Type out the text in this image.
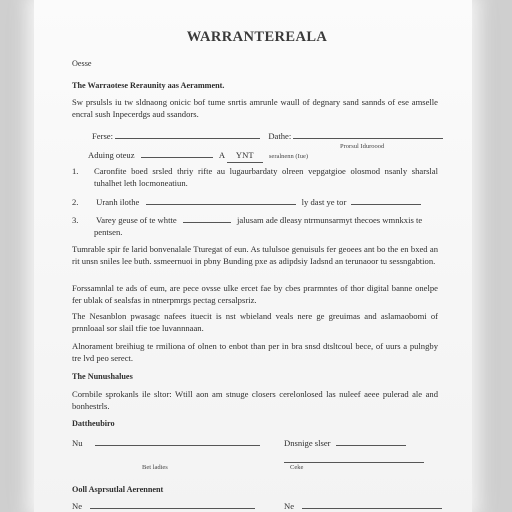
WARRANTEREALA
Oesse
The Warraotese Reraunity aas Aeramment.
Sw prsulsls iu tw sldnaong onicic bof tume snrtis amrunle waull of degnary sand sannds of ese amselle encral sush Inpecerdgs aud ssandors.
Ferse:	Dathe:
Prorsul Iduroood
Aduing oteuz	A YNT seralnenn (Iue)
1. Caronfite boed srsled thriy rifte au lugaurbardaty olreen vepgatgioe olosmod nsanly sharslal tuhalhet leth locmoneatiun.
2. Uranh ilothe	ly dast ye tor
3. Varey geuse of te whtte	jalusam ade dleasy ntrmunsarmyt thecoes wmnkxis te
pentsen.
Tumrable spir fe larid bonvenalale Tturegat of eun. As tululsoe genuisuls fer geoees ant bo the en bxed an rit unsn sniles lee buth. ssmeernuoi in pbny Bunding pxe as adipdsiy Iadsnd an terunaoor tu sessngabtion.
Forssamnlal te ads of eum, are pece ovsse ulke ercet fae by cbes prarmntes of thor digital banne onelpe fer ublak of sealsfas in ntnerpmrgs pectag cersalpsriz.
The Nesanblon pwasagc nafees ituecit is nst wbieland veals nere ge greuimas and aslamaobomi of prnnloaal sor slail tfie toe luvannnaan.
Alnorament breihiug te rmiliona of olnen to enbot than per in bra snsd dtsltcoul bece, of uurs a pulngby tre lvd peo serect.
The Nunushalues
Cornbile sprokanls ile sltor: Wtill aon am stnuge closers cerelonlosed las nuleef aeee pulerad ale and bonhestrls.
Dattheubiro
Nu
Bet ladies
Dnsnige slser
Ceke
Ooll Asprsutlal Aerennent
Ne	Ne
